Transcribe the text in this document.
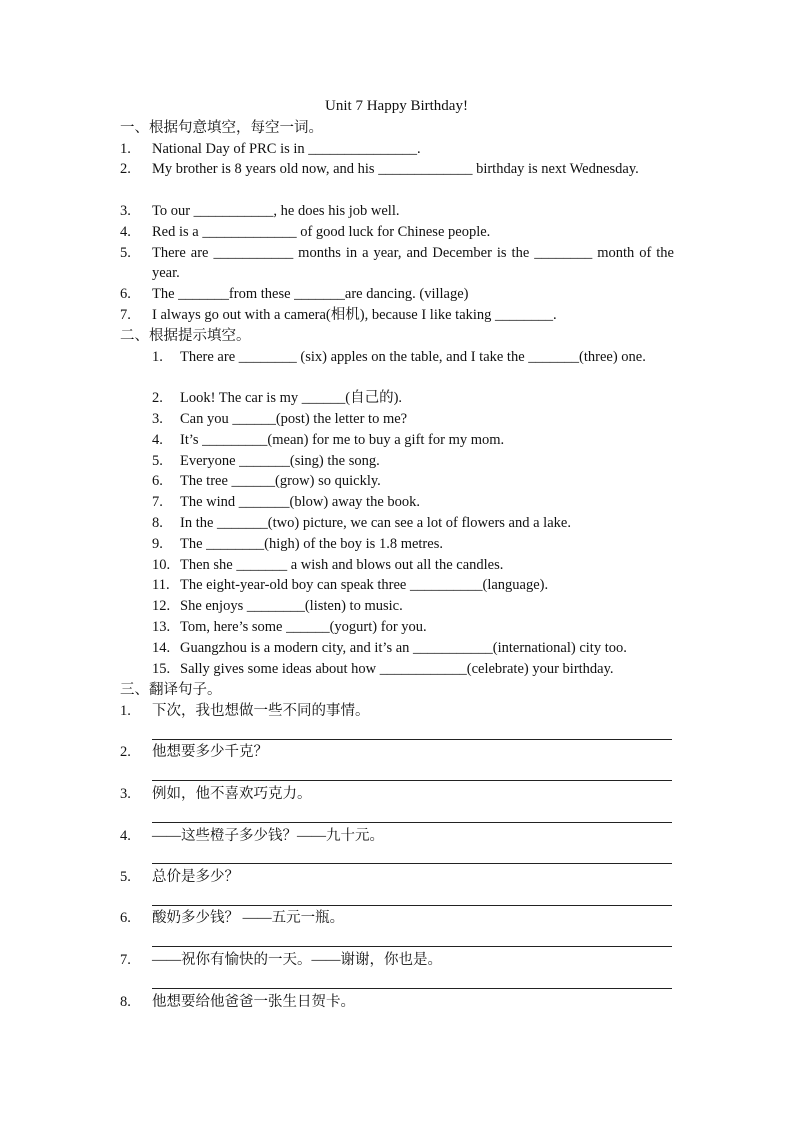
Unit 7 Happy Birthday!
一、根据句意填空，每空一词。
1.	National Day of PRC is in _______________.
2.	My brother is 8 years old now, and his _____________ birthday is next Wednesday.
3.	To our ___________, he does his job well.
4.	Red is a _____________ of good luck for Chinese people.
5.	There are ___________ months in a year, and December is the ________ month of the year.
6.	The _______from these _______are dancing. (village)
7.	I always go out with a camera(相机), because I like taking ________.
二、根据提示填空。
1. There are ________ (six) apples on the table, and I take the _______(three) one.
2. Look! The car is my ______(自己的).
3. Can you ______(post) the letter to me?
4. It’s _________(mean) for me to buy a gift for my mom.
5. Everyone _______(sing) the song.
6. The tree ______(grow) so quickly.
7. The wind _______(blow) away the book.
8. In the _______(two) picture, we can see a lot of flowers and a lake.
9. The ________(high) of the boy is 1.8 metres.
10. Then she _______ a wish and blows out all the candles.
11. The eight-year-old boy can speak three __________(language).
12. She enjoys ________(listen) to music.
13. Tom, here’s some ______(yogurt) for you.
14. Guangzhou is a modern city, and it’s an ___________(international) city too.
15. Sally gives some ideas about how ____________(celebrate) your birthday.
三、翻译句子。
1. 下次，我也想做一些不同的事情。
2. 他想要多少千克？
3. 例如，他不喜欢巧克力。
4. ——这些橙子多少钱？——九十元。
5. 总价是多少？
6. 酸奶多少钱？ ——五元一瓶。
7. ——祝你有愉快的一天。——谢谢，你也是。
8. 他想要给他爸爸一张生日贺卡。
